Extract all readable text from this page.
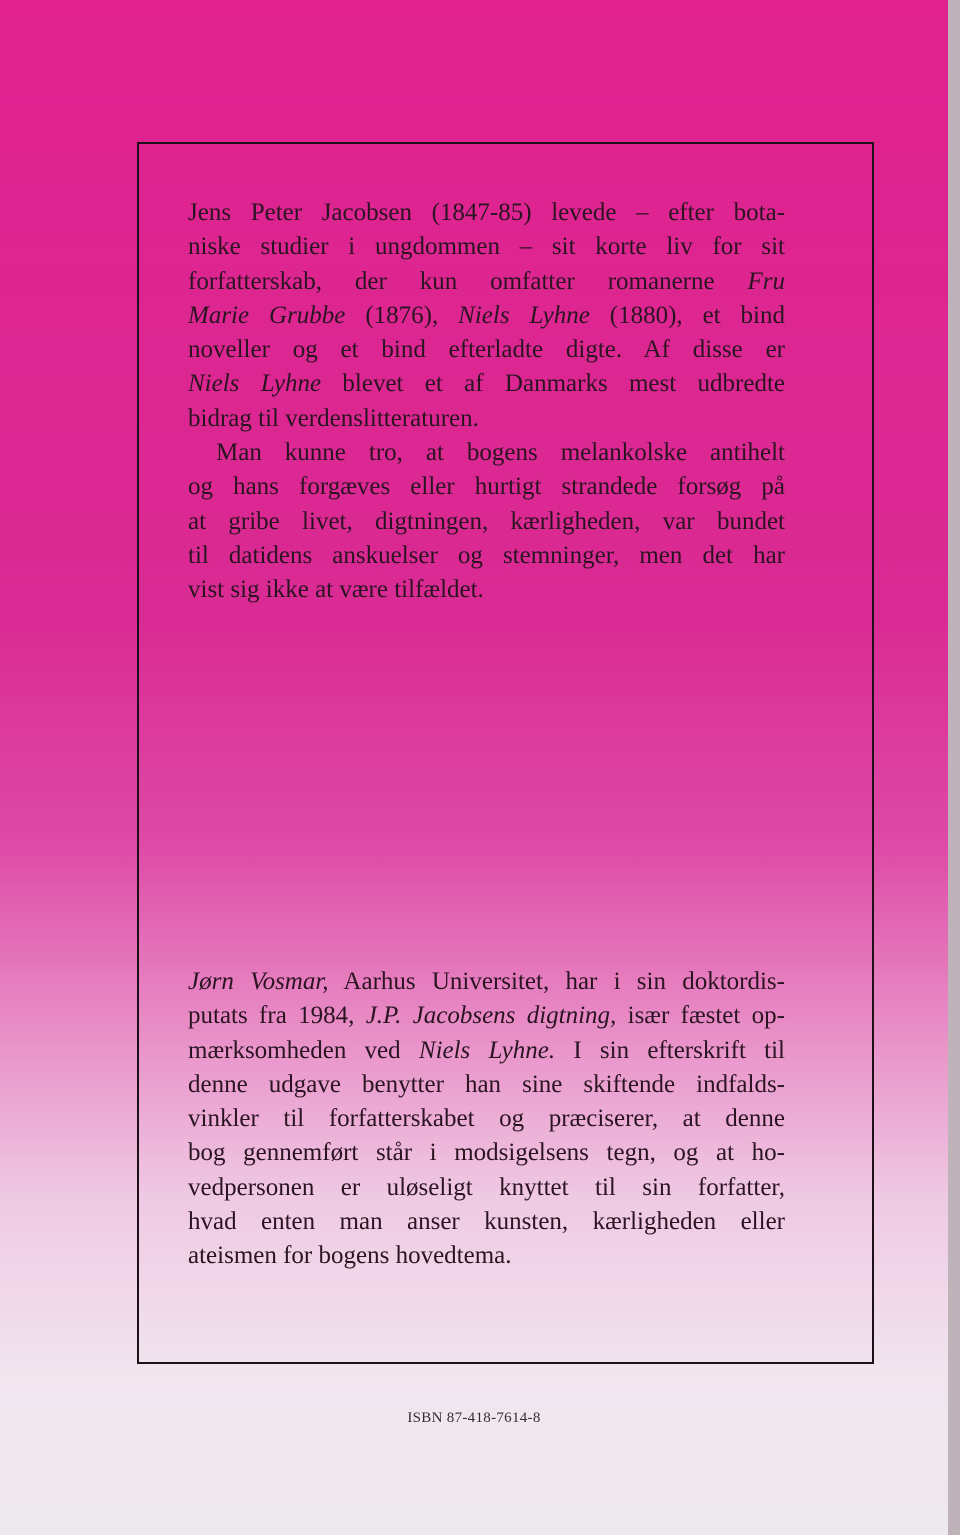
Jens Peter Jacobsen (1847-85) levede – efter bota-
niske studier i ungdommen – sit korte liv for sit
forfatterskab, der kun omfatter romanerne Fru
Marie Grubbe (1876), Niels Lyhne (1880), et bind
noveller og et bind efterladte digte. Af disse er
Niels Lyhne blevet et af Danmarks mest udbredte
bidrag til verdenslitteraturen.
Man kunne tro, at bogens melankolske antihelt
og hans forgæves eller hurtigt strandede forsøg på
at gribe livet, digtningen, kærligheden, var bundet
til datidens anskuelser og stemninger, men det har
vist sig ikke at være tilfældet.
Jørn Vosmar, Aarhus Universitet, har i sin doktordis-
putats fra 1984, J.P. Jacobsens digtning, især fæstet op-
mærksomheden ved Niels Lyhne. I sin efterskrift til
denne udgave benytter han sine skiftende indfalds-
vinkler til forfatterskabet og præciserer, at denne
bog gennemført står i modsigelsens tegn, og at ho-
vedpersonen er uløseligt knyttet til sin forfatter,
hvad enten man anser kunsten, kærligheden eller
ateismen for bogens hovedtema.
ISBN 87-418-7614-8
